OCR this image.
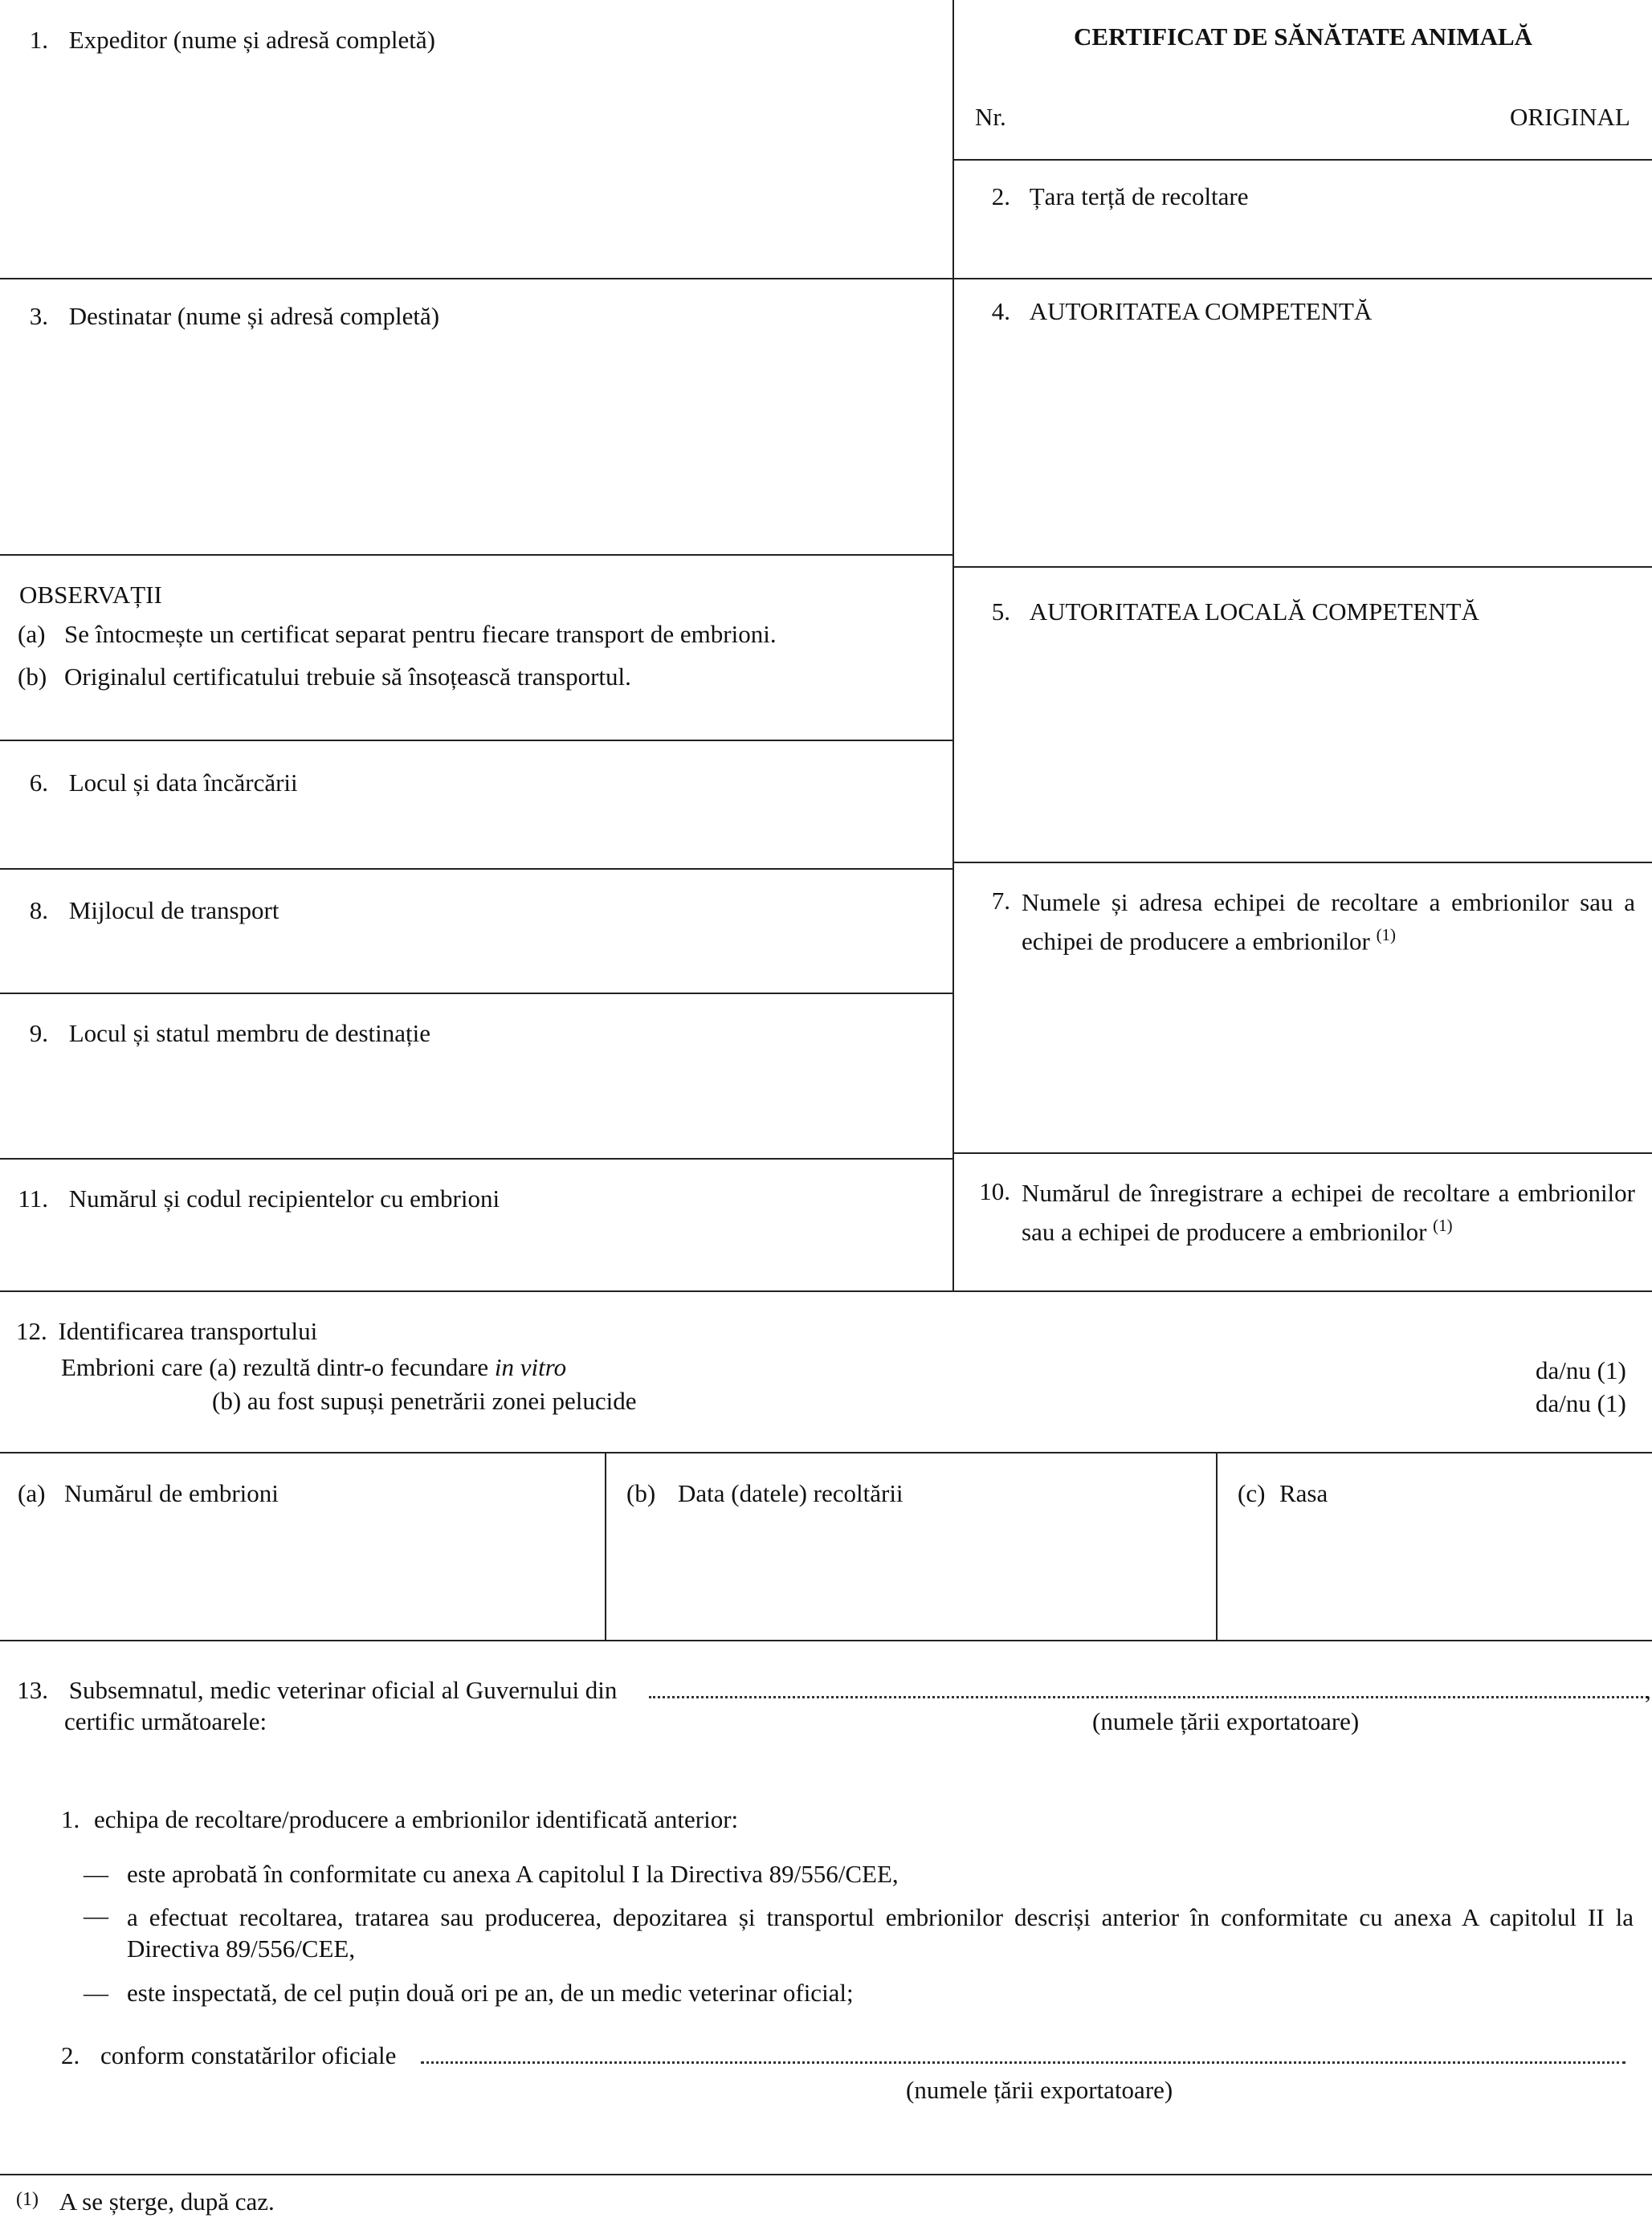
CERTIFICAT DE SĂNĂTATE ANIMALĂ
Nr.	ORIGINAL
1. Expeditor (nume și adresă completă)
2. Țara terță de recoltare
3. Destinatar (nume și adresă completă)	4. AUTORITATEA COMPETENTĂ
OBSERVAȚII
(a) Se întocmește un certificat separat pentru fiecare transport de embrioni.
(b) Originalul certificatului trebuie să însoțească transportul.
5. AUTORITATEA LOCALĂ COMPETENTĂ
6. Locul și data încărcării
7. Numele și adresa echipei de recoltare a embrionilor sau a echipei de producere a embrionilor $^{(1)}$
8. Mijlocul de transport
9. Locul și statul membru de destinație
10. Numărul de înregistrare a echipei de recoltare a embrionilor sau a echipei de producere a embrionilor $^{(1)}$
11. Numărul și codul recipientelor cu embrioni
12. Identificarea transportului
Embrioni care (a) rezultă dintr-o fecundare in vitro
(b) au fost supuși penetrării zonei pelucide
da/nu (1)
da/nu (1)
(a) Numărul de embrioni	(b) Data (datele) recoltării	(c) Rasa
13. Subsemnatul, medic veterinar oficial al Guvernului din	,
certific următoarele:	(numele țării exportatoare)
1. echipa de recoltare/producere a embrionilor identificată anterior:
— este aprobată în conformitate cu anexa A capitolul I la Directiva 89/556/CEE,
— a efectuat recoltarea, tratarea sau producerea, depozitarea și transportul embrionilor descriși anterior în conformitate cu anexa A capitolul II la Directiva 89/556/CEE,
— este inspectată, de cel puțin două ori pe an, de un medic veterinar oficial;
2. conform constatărilor oficiale
(numele țării exportatoare)
(1) A se șterge, după caz.
